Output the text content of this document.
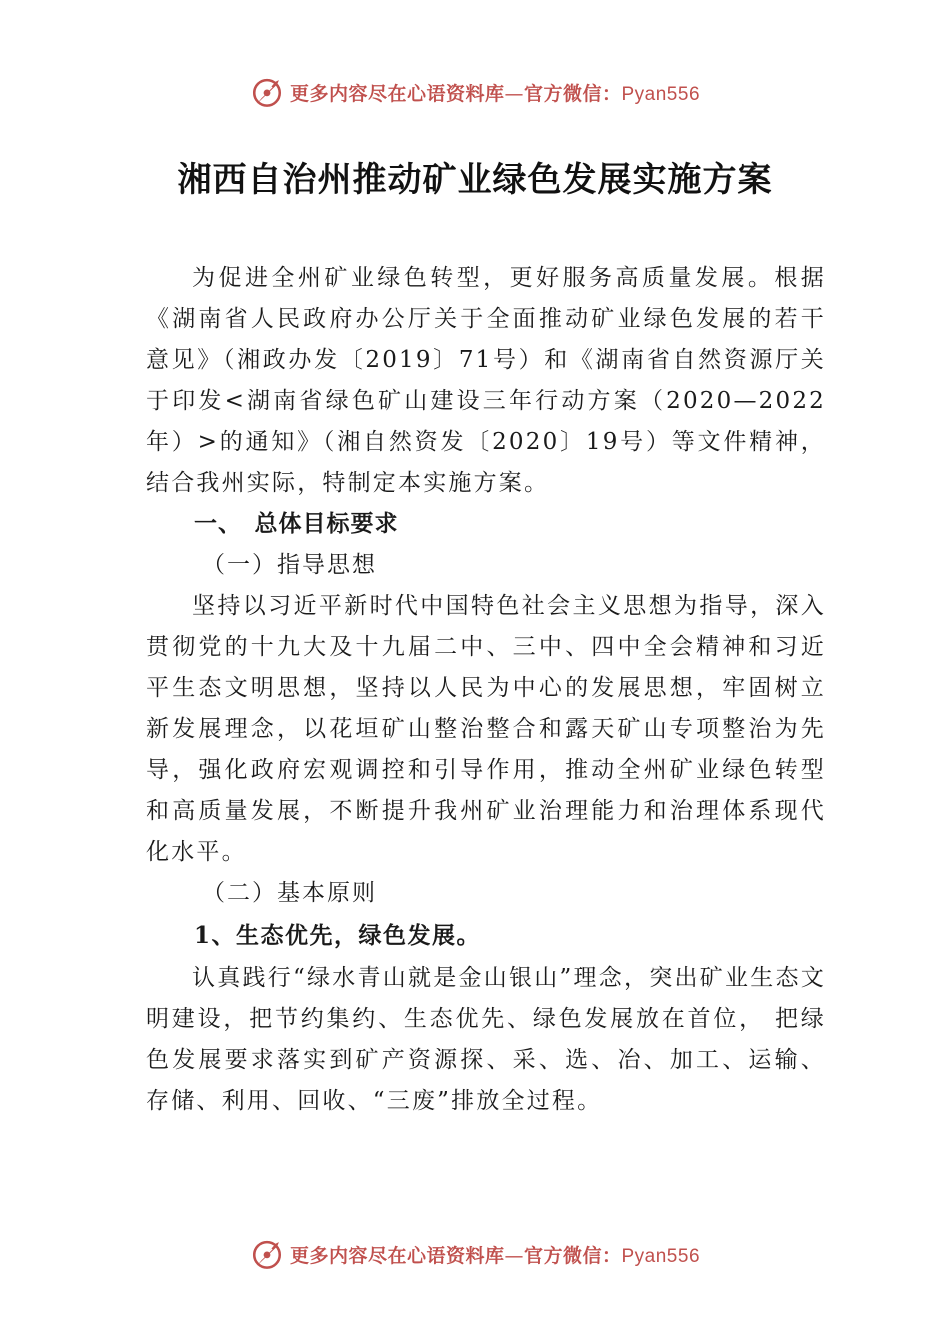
更多内容尽在心语资料库—官方微信：Pyan556
湘西自治州推动矿业绿色发展实施方案

为促进全州矿业绿色转型，更好服务高质量发展。根据《湖南省人民政府办公厅关于全面推动矿业绿色发展的若干意见》（湘政办发〔2019〕71号）和《湖南省自然资源厅关于印发<湖南省绿色矿山建设三年行动方案（2020—2022年）>的通知》（湘自然资发〔2020〕19号）等文件精神，结合我州实际，特制定本实施方案。

一、　总体目标要求

（一）指导思想

坚持以习近平新时代中国特色社会主义思想为指导，深入贯彻党的十九大及十九届二中、三中、四中全会精神和习近平生态文明思想，坚持以人民为中心的发展思想，牢固树立新发展理念，以花垣矿山整治整合和露天矿山专项整治为先导，强化政府宏观调控和引导作用，推动全州矿业绿色转型和高质量发展，不断提升我州矿业治理能力和治理体系现代化水平。

（二）基本原则

1、生态优先，绿色发展。

认真践行“绿水青山就是金山银山”理念，突出矿业生态文明建设，把节约集约、生态优先、绿色发展放在首位， 把绿色发展要求落实到矿产资源探、采、选、冶、加工、运输、存储、利用、回收、“三废”排放全过程。

更多内容尽在心语资料库—官方微信：Pyan556
